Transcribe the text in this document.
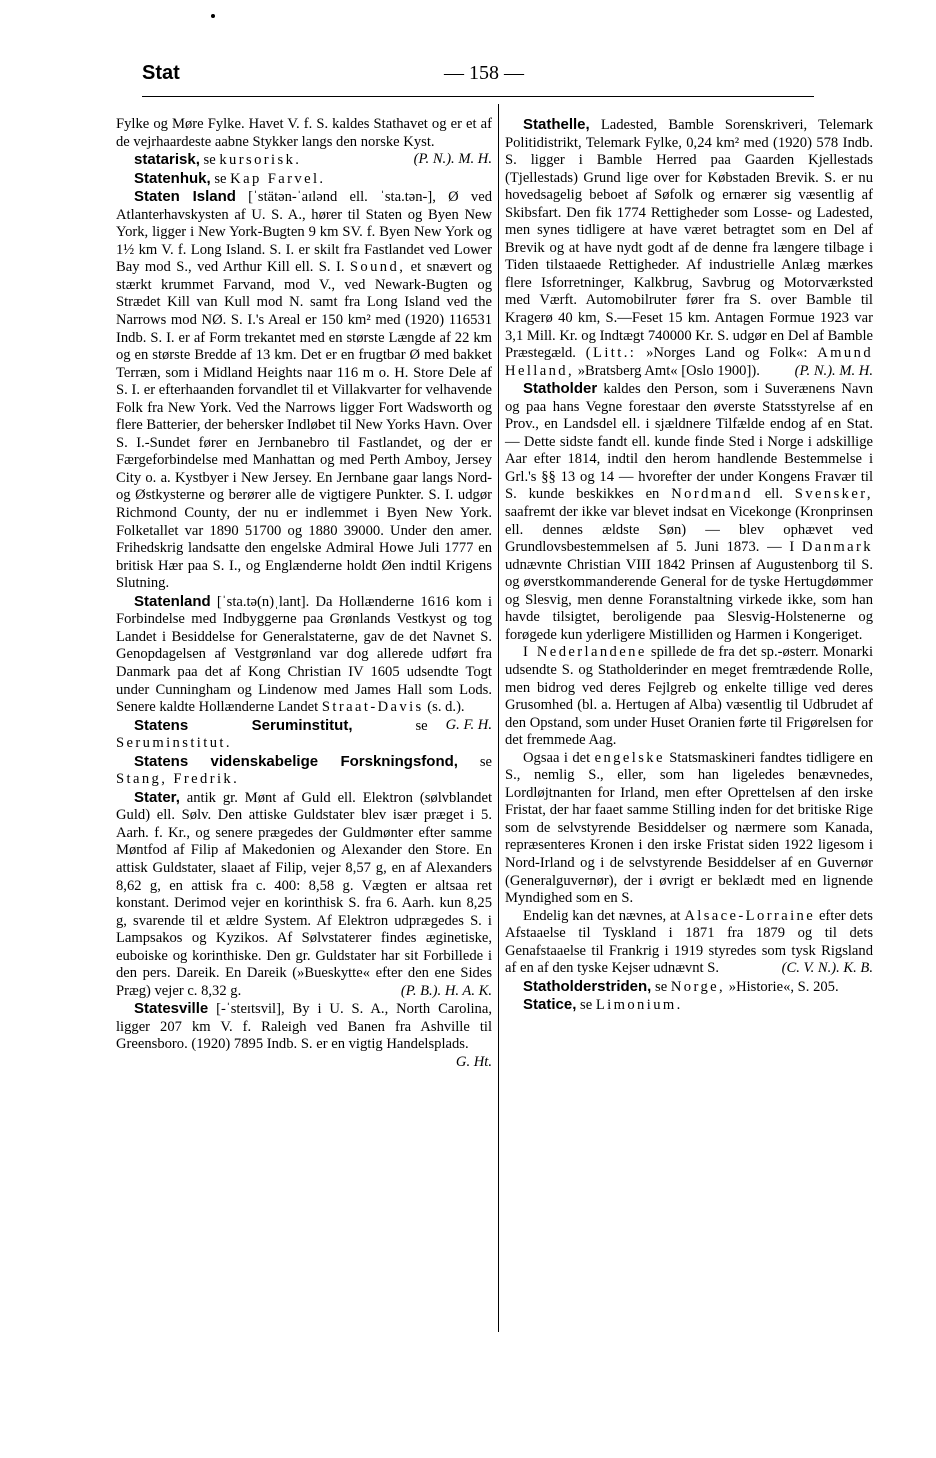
Stat	— 158 —

Fylke og Møre Fylke. Havet V. f. S. kaldes Stathavet og er et af de vejrhaardeste aabne Stykker langs den norske Kyst.
(P. N.). M. H.

statarisk, se kursorisk.

Statenhuk, se Kap Farvel.

Staten Island [ˈstätən-ˈaɪlənd ell. ˈsta.tən-], Ø ved Atlanterhavskysten af U. S. A., hører til Staten og Byen New York, ligger i New York-Bugten 9 km SV. f. Byen New York og 1½ km V. f. Long Island. S. I. er skilt fra Fastlandet ved Lower Bay mod S., ved Arthur Kill ell. S. I. Sound, et snævert og stærkt krummet Farvand, mod V., ved Newark-Bugten og Strædet Kill van Kull mod N. samt fra Long Island ved the Narrows mod NØ. S. I.'s Areal er 150 km² med (1920) 116531 Indb. S. I. er af Form trekantet med en største Længde af 22 km og en største Bredde af 13 km. Det er en frugtbar Ø med bakket Terræn, som i Midland Heights naar 116 m o. H. Store Dele af S. I. er efterhaanden forvandlet til et Villakvarter for velhavende Folk fra New York. Ved the Narrows ligger Fort Wadsworth og flere Batterier, der behersker Indløbet til New Yorks Havn. Over S. I.-Sundet fører en Jernbanebro til Fastlandet, og der er Færgeforbindelse med Manhattan og med Perth Amboy, Jersey City o. a. Kystbyer i New Jersey. En Jernbane gaar langs Nord- og Østkysterne og berører alle de vigtigere Punkter. S. I. udgør Richmond County, der nu er indlemmet i Byen New York. Folketallet var 1890 51700 og 1880 39000. Under den amer. Frihedskrig landsatte den engelske Admiral Howe Juli 1777 en britisk Hær paa S. I., og Englænderne holdt Øen indtil Krigens Slutning.

Statenland [ˈsta.tə(n)ˌlant]. Da Hollænderne 1616 kom i Forbindelse med Indbyggerne paa Grønlands Vestkyst og tog Landet i Besiddelse for Generalstaterne, gav de det Navnet S. Genopdagelsen af Vestgrønland var dog allerede udført fra Danmark paa det af Kong Christian IV 1605 udsendte Togt under Cunningham og Lindenow med James Hall som Lods. Senere kaldte Hollænderne Landet Straat-Davis (s. d.).
G. F. H.

Statens Seruminstitut,	se Seruminstitut.

Statens videnskabelige Forskningsfond, se Stang, Fredrik.

Stater, antik gr. Mønt af Guld ell. Elektron (sølvblandet Guld) ell. Sølv. Den attiske Guldstater blev især præget i 5. Aarh. f. Kr., og senere prægedes der Guldmønter efter samme Møntfod af Filip af Makedonien og Alexander den Store. En attisk Guldstater, slaaet af Filip, vejer 8,57 g, en af Alexanders 8,62 g, en attisk fra c. 400: 8,58 g. Vægten er altsaa ret konstant. Derimod vejer en korinthisk S. fra 6. Aarh. kun 8,25 g, svarende til et ældre System. Af Elektron udprægedes S. i Lampsakos og Kyzikos. Af Sølvstaterer findes æginetiske, euboiske og korinthiske. Den gr. Guldstater har sit Forbillede i den pers. Dareik. En Dareik (»Bueskytte« efter den ene Sides Præg) vejer c. 8,32 g.	(P. B.). H. A. K.

Statesville [-ˈsteɪtsvil], By i U. S. A., North Carolina, ligger 207 km V. f. Raleigh ved Banen fra Ashville til Greensboro. (1920) 7895 Indb. S. er en vigtig Handelsplads.
G. Ht.

Stathelle, Ladested, Bamble Sorenskriveri, Telemark Politidistrikt, Telemark Fylke, 0,24 km² med (1920) 578 Indb. S. ligger i Bamble Herred paa Gaarden Kjellestads (Tjellestads) Grund lige over for Købstaden Brevik. S. er nu hovedsagelig beboet af Søfolk og ernærer sig væsentlig af Skibsfart. Den fik 1774 Rettigheder som Losse- og Ladested, men synes tidligere at have været betragtet som en Del af Brevik og at have nydt godt af de denne fra længere tilbage i Tiden tilstaaede Rettigheder. Af industrielle Anlæg mærkes flere Isforretninger, Kalkbrug, Savbrug og Motorværksted med Værft. Automobilruter fører fra S. over Bamble til Kragerø 40 km, S.—Feset 15 km. Antagen Formue 1923 var 3,1 Mill. Kr. og Indtægt 740000 Kr. S. udgør en Del af Bamble Præstegæld. (Litt.: »Norges Land og Folk«: Amund Helland, »Bratsberg Amt« [Oslo 1900]).	(P. N.). M. H.

Statholder kaldes den Person, som i Suverænens Navn og paa hans Vegne forestaar den øverste Statsstyrelse af en Prov., en Landsdel ell. i sjældnere Tilfælde endog af en Stat. — Dette sidste fandt ell. kunde finde Sted i Norge i adskillige Aar efter 1814, indtil den herom handlende Bestemmelse i Grl.'s §§ 13 og 14 — hvorefter der under Kongens Fravær til S. kunde beskikkes en Nordmand ell. Svensker, saafremt der ikke var blevet indsat en Vicekonge (Kronprinsen ell. dennes ældste Søn) — blev ophævet ved Grundlovsbestemmelsen af 5. Juni 1873. — I Danmark udnævnte Christian VIII 1842 Prinsen af Augustenborg til S. og øverstkommanderende General for de tyske Hertugdømmer og Slesvig, men denne Foranstaltning virkede ikke, som han havde tilsigtet, beroligende paa Slesvig-Holstenerne og forøgede kun yderligere Mistilliden og Harmen i Kongeriget.

I Nederlandene spillede de fra det sp.-østerr. Monarki udsendte S. og Statholderinder en meget fremtrædende Rolle, men bidrog ved deres Fejlgreb og enkelte tillige ved deres Grusomhed (bl. a. Hertugen af Alba) væsentlig til Udbrudet af den Opstand, som under Huset Oranien førte til Frigørelsen for det fremmede Aag.

Ogsaa i det engelske Statsmaskineri fandtes tidligere en S., nemlig S., eller, som han ligeledes benævnedes, Lordløjtnanten for Irland, men efter Oprettelsen af den irske Fristat, der har faaet samme Stilling inden for det britiske Rige som de selvstyrende Besiddelser og nærmere som Kanada, repræsenteres Kronen i den irske Fristat siden 1922 ligesom i Nord-Irland og i de selvstyrende Besiddelser af en Guvernør (Generalguvernør), der i øvrigt er beklædt med en lignende Myndighed som en S.

Endelig kan det nævnes, at Alsace-Lorraine efter dets Afstaaelse til Tyskland i 1871 fra 1879 og til dets Genafstaaelse til Frankrig i 1919 styredes som tysk Rigsland af en af den tyske Kejser udnævnt S.	(C. V. N.). K. B.

Statholderstriden, se Norge, »Historie«, S. 205.

Statice, se Limonium.
